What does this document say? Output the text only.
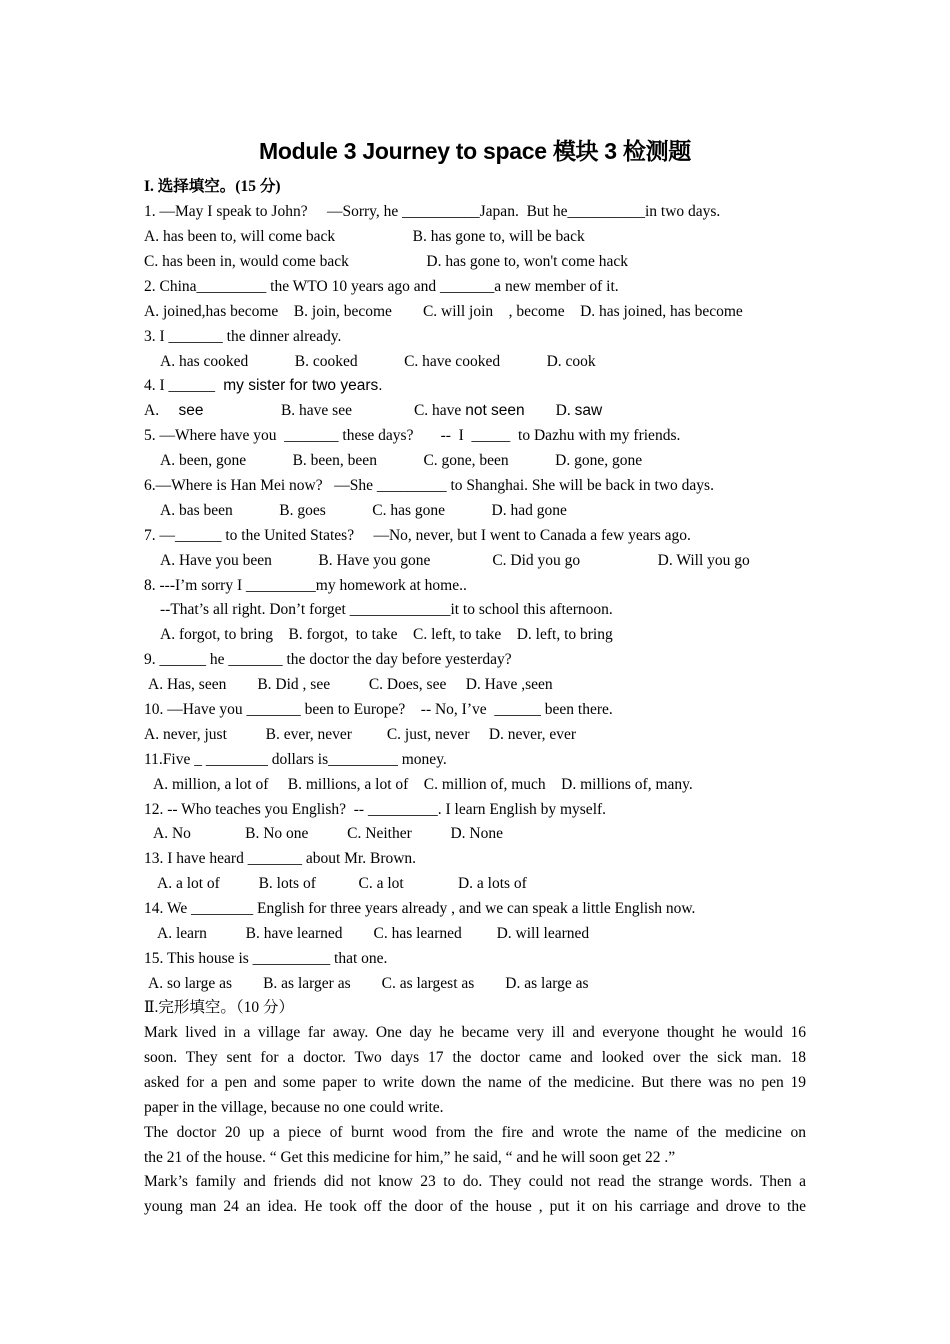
Module 3 Journey to space 模块 3 检测题
I. 选择填空。(15 分)
1. —May I speak to John?     —Sorry, he __________Japan.  But he__________in two days.
A. has been to, will come back                    B. has gone to, will be back
C. has been in, would come back                    D. has gone to, won't come hack
2. China_________ the WTO 10 years ago and _______a new member of it.
A. joined,has become    B. join, become        C. will join    , become    D. has joined, has become
3. I _______ the dinner already.
A. has cooked            B. cooked            C. have cooked            D. cook
4. I ______  my sister for two years.
A.     see                    B. have see                C. have not seen        D. saw
5. —Where have you  _______ these days?       --  I  _____  to Dazhu with my friends.
A. been, gone            B. been, been            C. gone, been            D. gone, gone
6.—Where is Han Mei now?   —She _________ to Shanghai. She will be back in two days.
A. bas been            B. goes            C. has gone            D. had gone
7. —______ to the United States?     —No, never, but I went to Canada a few years ago.
A. Have you been            B. Have you gone                C. Did you go                    D. Will you go
8. ---I’m sorry I _________my homework at home..
--That’s all right. Don’t forget _____________it to school this afternoon.
A. forgot, to bring    B. forgot,  to take    C. left, to take    D. left, to bring
9. ______ he _______ the doctor the day before yesterday?
A. Has, seen        B. Did , see          C. Does, see     D. Have ,seen
10. —Have you _______ been to Europe?    -- No, I’ve  ______ been there.
A. never, just          B. ever, never         C. just, never     D. never, ever
11.Five _ ________ dollars is_________ money.
A. million, a lot of     B. millions, a lot of    C. million of, much    D. millions of, many.
12. -- Who teaches you English?  -- _________. I learn English by myself.
A. No              B. No one          C. Neither          D. None
13. I have heard _______ about Mr. Brown.
A. a lot of          B. lots of           C. a lot              D. a lots of
14. We ________ English for three years already , and we can speak a little English now.
A. learn          B. have learned        C. has learned         D. will learned
15. This house is __________ that one.
A. so large as        B. as larger as        C. as largest as        D. as large as
Ⅱ.完形填空。（10 分）
Mark lived in a village far away. One day he became very ill and everyone thought he would 16
soon. They sent for a doctor. Two days 17 the doctor came and looked over the sick man. 18
asked for a pen and some paper to write down the name of the medicine. But there was no pen 19
paper in the village, because no one could write.
The doctor 20 up a piece of burnt wood from the fire and wrote the name of the medicine on
the 21 of the house. “ Get this medicine for him,” he said, “ and he will soon get 22 .”
Mark’s family and friends did not know 23 to do. They could not read the strange words. Then a
young man 24 an idea. He took off the door of the house , put it on his carriage and drove to the
